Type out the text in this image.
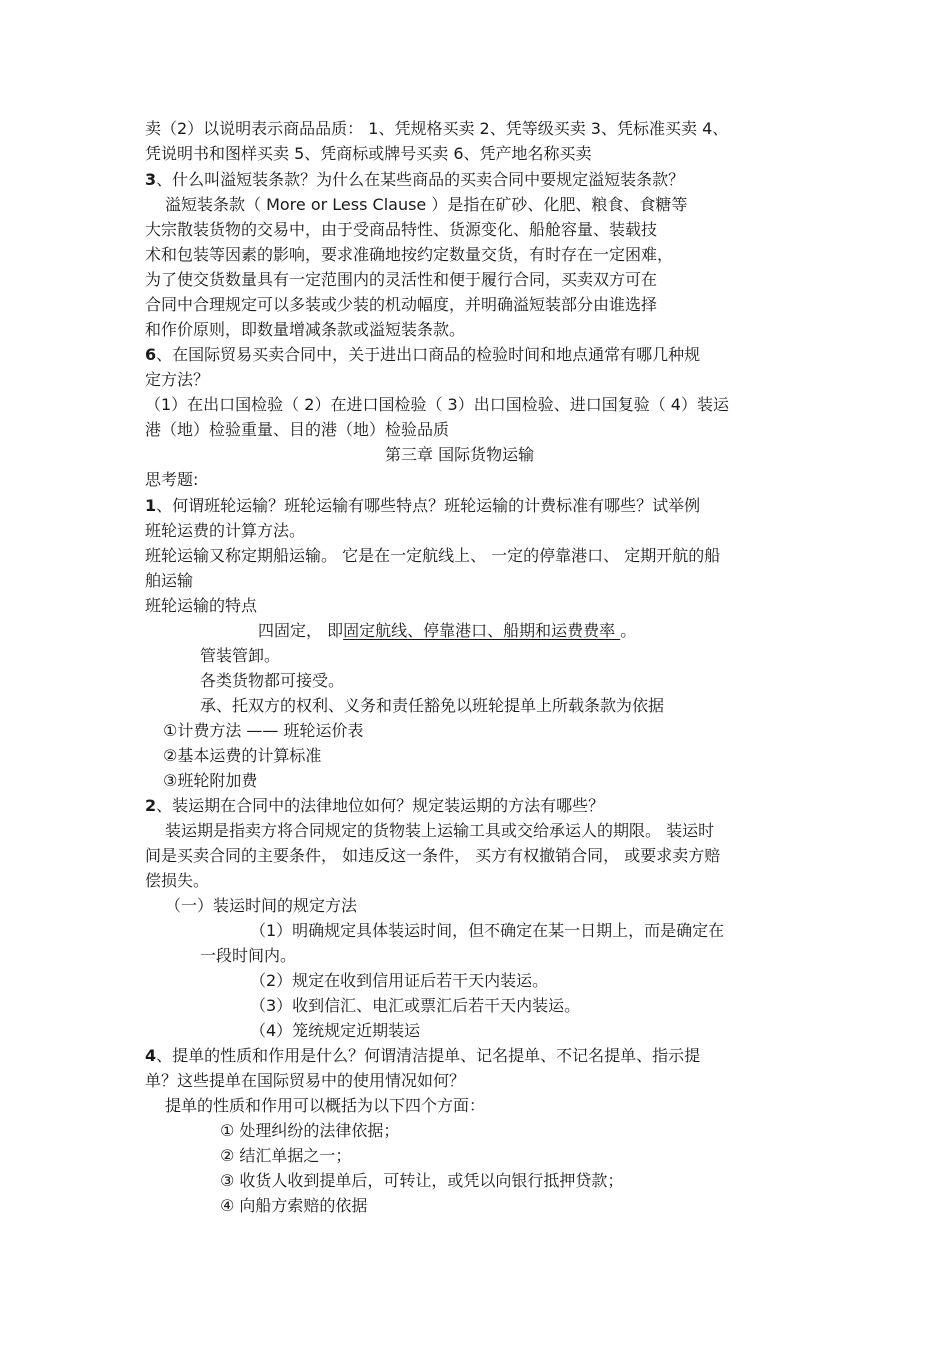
卖（2）以说明表示商品品质： 1、凭规格买卖 2、凭等级买卖 3、凭标准买卖 4、
凭说明书和图样买卖 5、凭商标或牌号买卖 6、凭产地名称买卖
3、什么叫溢短装条款？为什么在某些商品的买卖合同中要规定溢短装条款？
溢短装条款（ More or Less Clause ）是指在矿砂、化肥、粮食、食糖等
大宗散装货物的交易中，由于受商品特性、货源变化、船舱容量、装载技
术和包装等因素的影响，要求准确地按约定数量交货，有时存在一定困难，
为了使交货数量具有一定范围内的灵活性和便于履行合同，买卖双方可在
合同中合理规定可以多装或少装的机动幅度，并明确溢短装部分由谁选择
和作价原则，即数量增减条款或溢短装条款。
6、在国际贸易买卖合同中，关于进出口商品的检验时间和地点通常有哪几种规
定方法？
（1）在出口国检验（ 2）在进口国检验（ 3）出口国检验、进口国复验（ 4）装运
港（地）检验重量、目的港（地）检验品质
第三章 国际货物运输
思考题:
1、何谓班轮运输？班轮运输有哪些特点？班轮运输的计费标准有哪些？试举例
班轮运费的计算方法。
班轮运输又称定期船运输。 它是在一定航线上、 一定的停靠港口、 定期开航的船
舶运输
班轮运输的特点
四固定， 即固定航线、停靠港口、船期和运费费率 。
管装管卸。
各类货物都可接受。
承、托双方的权利、义务和责任豁免以班轮提单上所载条款为依据
①计费方法 —— 班轮运价表
②基本运费的计算标准
③班轮附加费
2、装运期在合同中的法律地位如何？规定装运期的方法有哪些？
装运期是指卖方将合同规定的货物装上运输工具或交给承运人的期限。 装运时
间是买卖合同的主要条件， 如违反这一条件， 买方有权撤销合同， 或要求卖方赔
偿损失。
（一）装运时间的规定方法
（1）明确规定具体装运时间，但不确定在某一日期上，而是确定在
一段时间内。
（2）规定在收到信用证后若干天内装运。
（3）收到信汇、电汇或票汇后若干天内装运。
（4）笼统规定近期装运
4、提单的性质和作用是什么？何谓清洁提单、记名提单、不记名提单、指示提
单？这些提单在国际贸易中的使用情况如何？
提单的性质和作用可以概括为以下四个方面：
① 处理纠纷的法律依据；
② 结汇单据之一；
③ 收货人收到提单后，可转让，或凭以向银行抵押贷款；
④ 向船方索赔的依据
